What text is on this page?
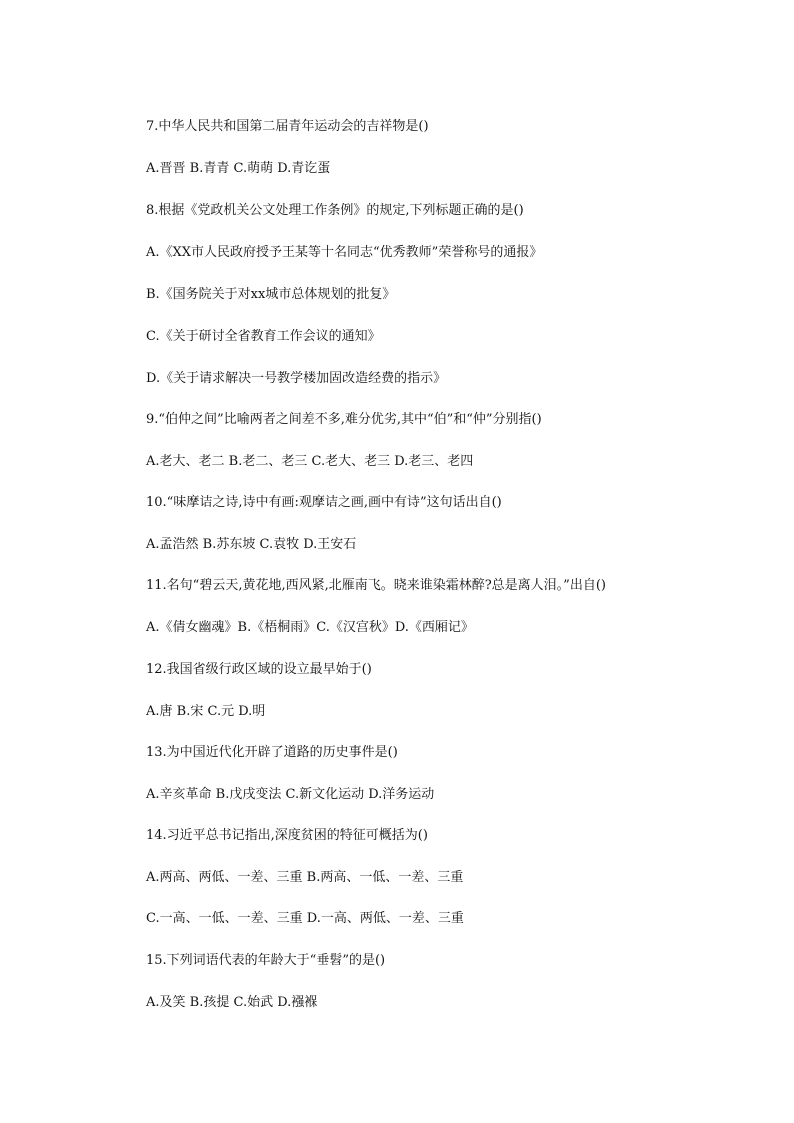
7.中华人民共和国第二届青年运动会的吉祥物是()
A.晋晋 B.青青 C.萌萌 D.青讫蛋
8.根据《党政机关公文处理工作条例》的规定,下列标题正确的是()
A.《XX市人民政府授予王某等十名同志“优秀教师”荣誉称号的通报》
B.《国务院关于对xx城市总体规划的批复》
C.《关于研讨全省教育工作会议的通知》
D.《关于请求解决一号教学楼加固改造经费的指示》
9.“伯仲之间”比喻两者之间差不多,难分优劣,其中“伯”和“仲”分别指()
A.老大、老二 B.老二、老三 C.老大、老三 D.老三、老四
10.“味摩诘之诗,诗中有画:观摩诘之画,画中有诗”这句话出自()
A.孟浩然 B.苏东坡 C.袁牧 D.王安石
11.名句“碧云天,黄花地,西风紧,北雁南飞。晓来谁染霜林醉?总是离人泪。”出自()
A.《倩女幽魂》B.《梧桐雨》C.《汉宫秋》D.《西厢记》
12.我国省级行政区域的设立最早始于()
A.唐 B.宋 C.元 D.明
13.为中国近代化开辟了道路的历史事件是()
A.辛亥革命 B.戊戌变法 C.新文化运动 D.洋务运动
14.习近平总书记指出,深度贫困的特征可概括为()
A.两高、两低、一差、三重 B.两高、一低、一差、三重
C.一高、一低、一差、三重 D.一高、两低、一差、三重
15.下列词语代表的年龄大于“垂髫”的是()
A.及笑 B.孩提 C.始武 D.襁褓
